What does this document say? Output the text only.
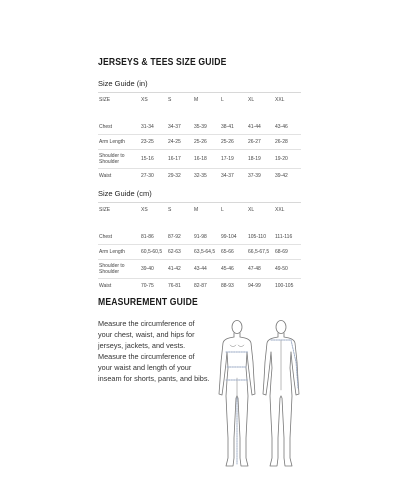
JERSEYS & TEES SIZE GUIDE
Size Guide (in)
SIZE	XS	S	M	L	XL	XXL

Chest	31-34	34-37	35-39	38-41	41-44	43-46
Arm Length	23-25	24-25	25-26	25-26	26-27	26-28
Shoulder to Shoulder	15-16	16-17	16-18	17-19	18-19	19-20
Waist	27-30	29-32	32-35	34-37	37-39	39-42
Size Guide (cm)
SIZE	XS	S	M	L	XL	XXL

Chest	81-86	87-92	91-98	99-104	105-110	111-116
Arm Length	60,5-60,5	62-63	63,5-64,5	65-66	66,5-67,5	68-69
Shoulder to Shoulder	39-40	41-42	43-44	45-46	47-48	49-50
Waist	70-75	76-81	82-87	88-93	94-99	100-105
MEASUREMENT GUIDE
Measure the circumference of your chest, waist, and hips for jerseys, jackets, and vests. Measure the circumference of your waist and length of your inseam for shorts, pants, and bibs.
